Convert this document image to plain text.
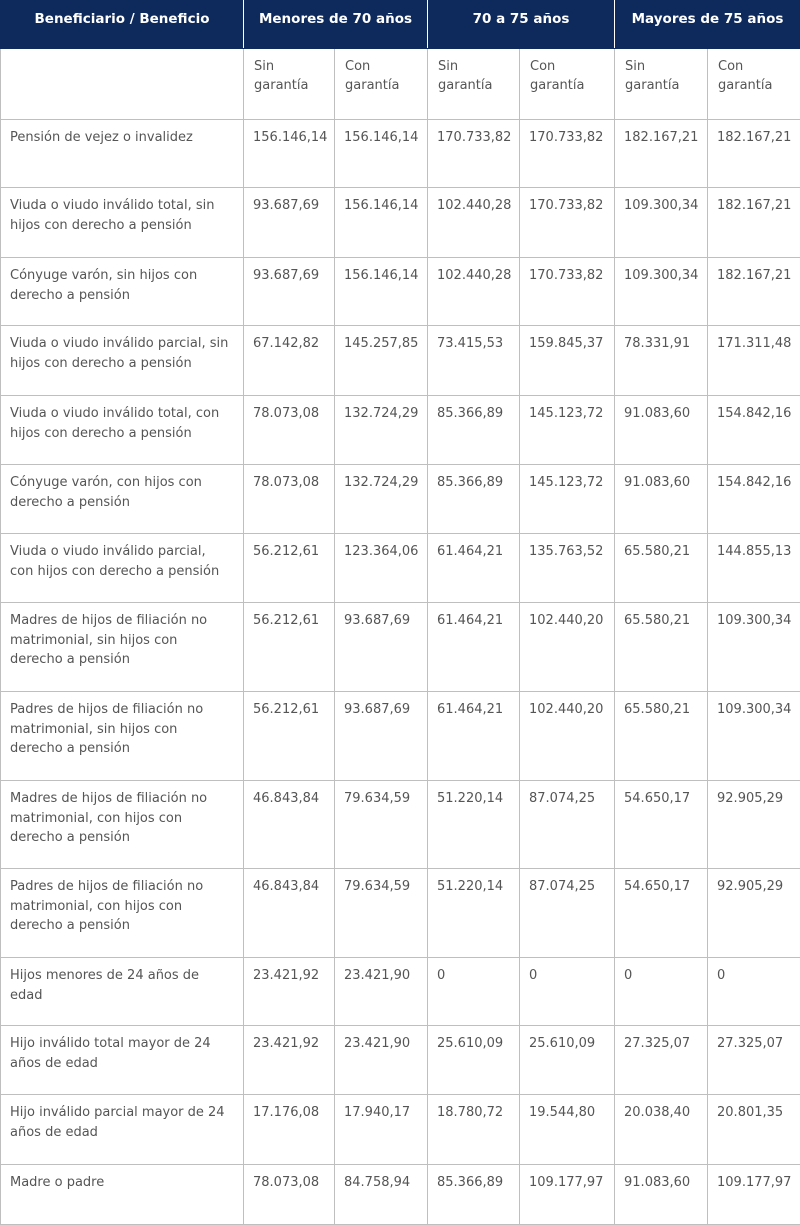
Beneficiario / Beneficio	Menores de 70 años		70 a 75 años		Mayores de 75 años	

	Sin garantía	Con garantía	Sin garantía	Con garantía	Sin garantía	Con garantía

Pensión de vejez o invalidez	156.146,14	156.146,14	170.733,82	170.733,82	182.167,21	182.167,21

Viuda o viudo inválido total, sin hijos con derecho a pensión	93.687,69	156.146,14	102.440,28	170.733,82	109.300,34	182.167,21

Cónyuge varón, sin hijos con derecho a pensión	93.687,69	156.146,14	102.440,28	170.733,82	109.300,34	182.167,21

Viuda o viudo inválido parcial, sin hijos con derecho a pensión	67.142,82	145.257,85	73.415,53	159.845,37	78.331,91	171.311,48

Viuda o viudo inválido total, con hijos con derecho a pensión	78.073,08	132.724,29	85.366,89	145.123,72	91.083,60	154.842,16

Cónyuge varón, con hijos con derecho a pensión	78.073,08	132.724,29	85.366,89	145.123,72	91.083,60	154.842,16

Viuda o viudo inválido parcial, con hijos con derecho a pensión	56.212,61	123.364,06	61.464,21	135.763,52	65.580,21	144.855,13

Madres de hijos de filiación no matrimonial, sin hijos con derecho a pensión	56.212,61	93.687,69	61.464,21	102.440,20	65.580,21	109.300,34

Padres de hijos de filiación no matrimonial, sin hijos con derecho a pensión	56.212,61	93.687,69	61.464,21	102.440,20	65.580,21	109.300,34

Madres de hijos de filiación no matrimonial, con hijos con derecho a pensión	46.843,84	79.634,59	51.220,14	87.074,25	54.650,17	92.905,29

Padres de hijos de filiación no matrimonial, con hijos con derecho a pensión	46.843,84	79.634,59	51.220,14	87.074,25	54.650,17	92.905,29

Hijos menores de 24 años de edad	23.421,92	23.421,90	0	0	0	0

Hijo inválido total mayor de 24 años de edad	23.421,92	23.421,90	25.610,09	25.610,09	27.325,07	27.325,07

Hijo inválido parcial mayor de 24 años de edad	17.176,08	17.940,17	18.780,72	19.544,80	20.038,40	20.801,35

Madre o padre	78.073,08	84.758,94	85.366,89	109.177,97	91.083,60	109.177,97
